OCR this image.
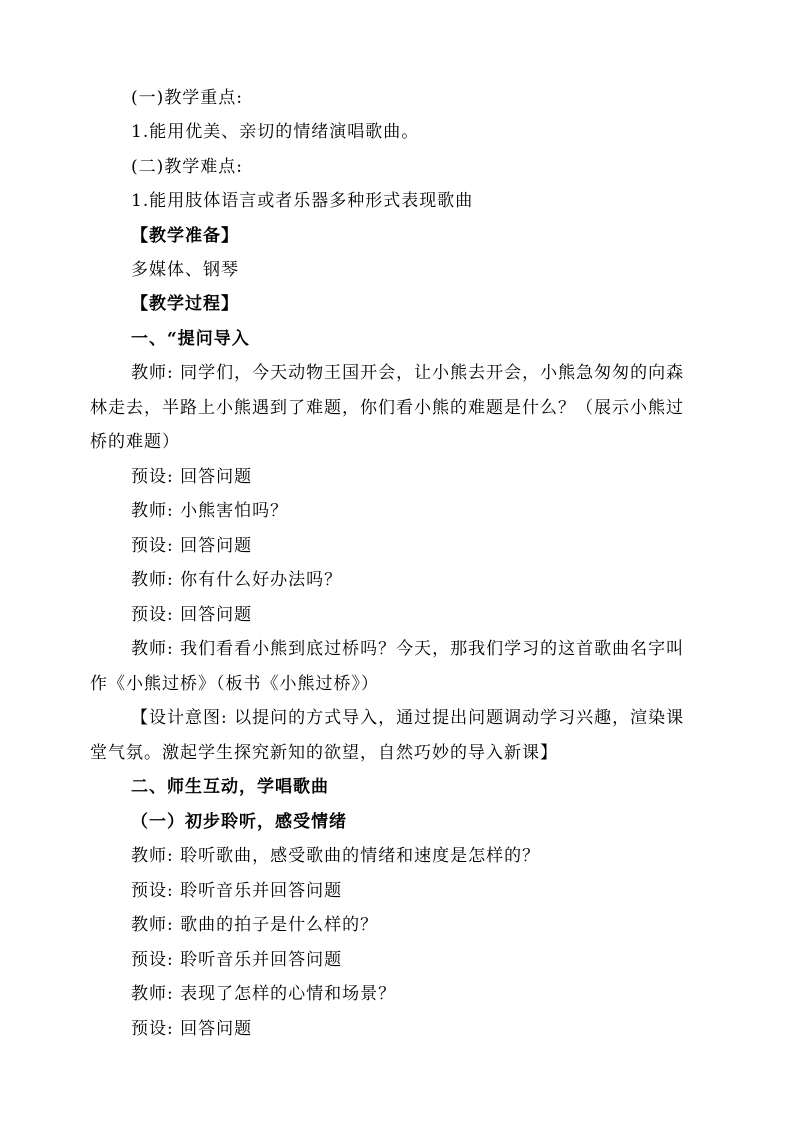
(一)教学重点:
1.能用优美、亲切的情绪演唱歌曲。
(二)教学难点:
1.能用肢体语言或者乐器多种形式表现歌曲
【教学准备】
多媒体、钢琴
【教学过程】
一、“提问导入
教师: 同学们，今天动物王国开会，让小熊去开会，小熊急匆匆的向森
林走去，半路上小熊遇到了难题，你们看小熊的难题是什么？（展示小熊过
桥的难题）
预设: 回答问题
教师: 小熊害怕吗？
预设: 回答问题
教师: 你有什么好办法吗？
预设: 回答问题
教师: 我们看看小熊到底过桥吗？今天，那我们学习的这首歌曲名字叫
作《小熊过桥》（板书《小熊过桥》）
【设计意图: 以提问的方式导入，通过提出问题调动学习兴趣，渲染课
堂气氛。激起学生探究新知的欲望，自然巧妙的导入新课】
二、师生互动，学唱歌曲
（一）初步聆听，感受情绪
教师: 聆听歌曲，感受歌曲的情绪和速度是怎样的？
预设: 聆听音乐并回答问题
教师: 歌曲的拍子是什么样的？
预设: 聆听音乐并回答问题
教师: 表现了怎样的心情和场景？
预设: 回答问题
